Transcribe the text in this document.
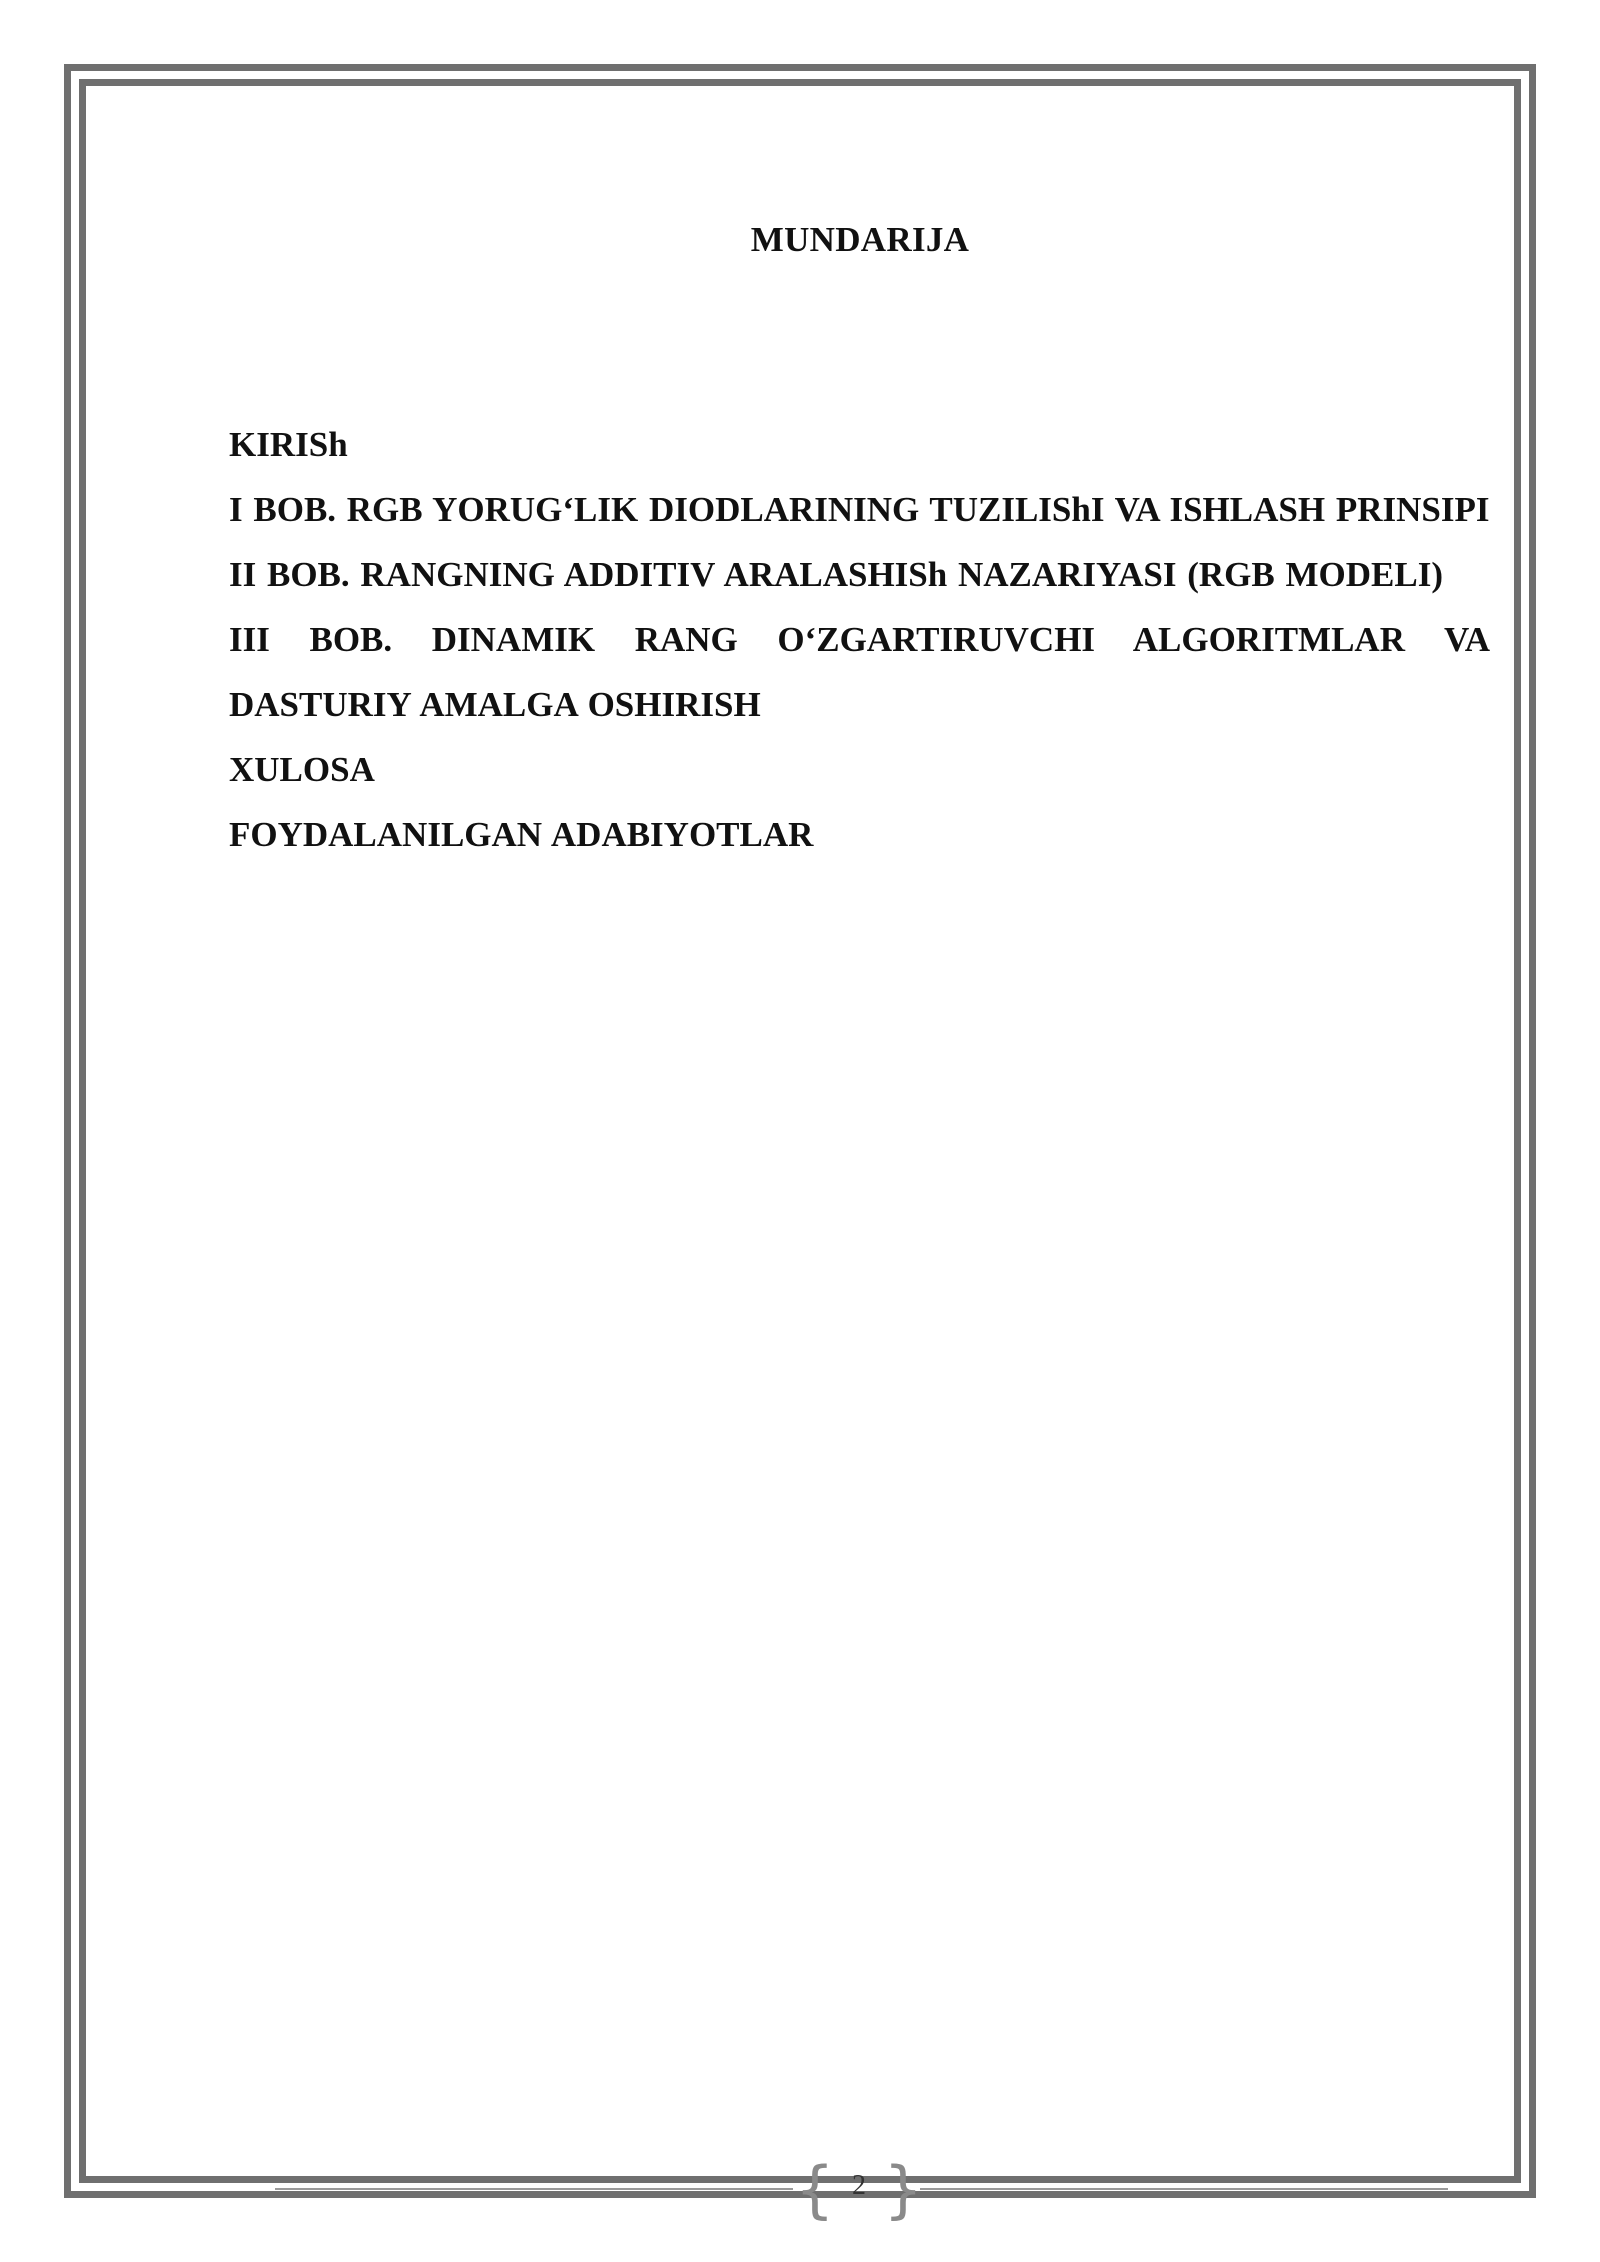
MUNDARIJA
KIRISh
I BOB. RGB YORUG‘LIK DIODLARINING TUZILIShI VA ISHLASH PRINSIPI
II BOB. RANGNING ADDITIV ARALASHISh NAZARIYASI (RGB MODELI)
III BOB. DINAMIK RANG O‘ZGARTIRUVCHI ALGORITMLAR VA DASTURIY AMALGA OSHIRISH
XULOSA
FOYDALANILGAN ADABIYOTLAR
{ 2 }
